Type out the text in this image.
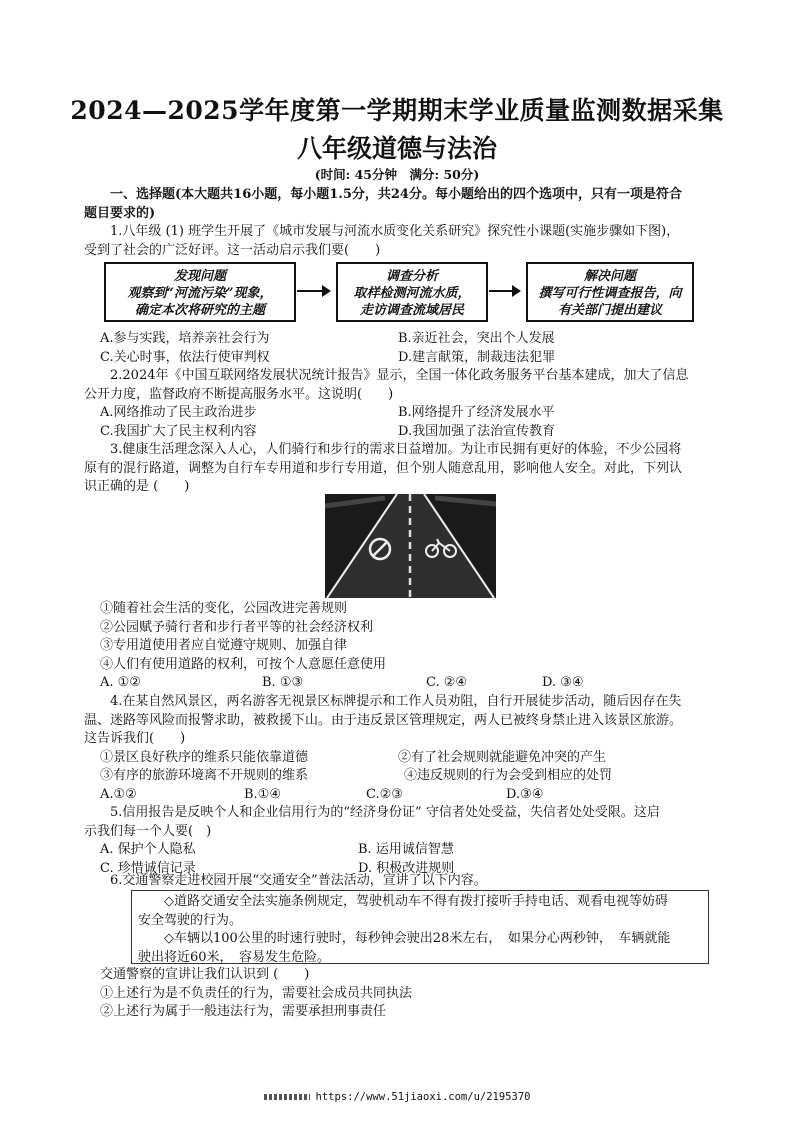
2024—2025学年度第一学期期末学业质量监测数据采集
八年级道德与法治
(时间: 45分钟　满分: 50分)
一、选择题(本大题共16小题，每小题1.5分，共24分。每小题给出的四个选项中，只有一项是符合
题目要求的)
1.八年级 (1) 班学生开展了《城市发展与河流水质变化关系研究》探究性小课题(实施步骤如下图)，
受到了社会的广泛好评。这一活动启示我们要(　　)
发现问题
观察到“河流污染”现象，
确定本次将研究的主题
调查分析
取样检测河流水质，
走访调查流域居民
解决问题
撰写可行性调查报告，向
有关部门提出建议
A.参与实践，培养亲社会行为	B.亲近社会，突出个人发展
C.关心时事，依法行使审判权	D.建言献策，制裁违法犯罪
2.2024年《中国互联网络发展状况统计报告》显示，全国一体化政务服务平台基本建成，加大了信息
公开力度，监督政府不断提高服务水平。这说明(　　)
A.网络推动了民主政治进步	B.网络提升了经济发展水平
C.我国扩大了民主权利内容	D.我国加强了法治宣传教育
3.健康生活理念深入人心，人们骑行和步行的需求日益增加。为让市民拥有更好的体验，不少公园将
原有的混行路道，调整为自行车专用道和步行专用道，但个别人随意乱用，影响他人安全。对此，下列认
识正确的是 (　　)
①随着社会生活的变化，公园改进完善规则
②公园赋予骑行者和步行者平等的社会经济权利
③专用道使用者应自觉遵守规则、加强自律
④人们有使用道路的权利，可按个人意愿任意使用
A. ①②	B. ①③	C. ②④	D. ③④
4.在某自然风景区，两名游客无视景区标牌提示和工作人员劝阻，自行开展徒步活动，随后因存在失
温、迷路等风险而报警求助，被救援下山。由于违反景区管理规定，两人已被终身禁止进入该景区旅游。
这告诉我们(　　)
①景区良好秩序的维系只能依靠道德	②有了社会规则就能避免冲突的产生
③有序的旅游环境离不开规则的维系	④违反规则的行为会受到相应的处罚
A.①②	B.①④	C.②③	D.③④
5.信用报告是反映个人和企业信用行为的“经济身份证” 守信者处处受益，失信者处处受限。这启
示我们每一个人要(　)
A. 保护个人隐私	B. 运用诚信智慧
C. 珍惜诚信记录	D. 积极改进规则
6.交通警察走进校园开展“交通安全”普法活动，宣讲了以下内容。
◇道路交通安全法实施条例规定，驾驶机动车不得有拨打接听手持电话、观看电视等妨碍
安全驾驶的行为。
◇车辆以100公里的时速行驶时，每秒钟会驶出28米左右，　如果分心两秒钟，　车辆就能
驶出将近60米，　容易发生危险。
交通警察的宣讲让我们认识到 (　　)
①上述行为是不负责任的行为，需要社会成员共同执法
②上述行为属于一般违法行为，需要承担刑事责任
https://www.51jiaoxi.com/u/2195370
